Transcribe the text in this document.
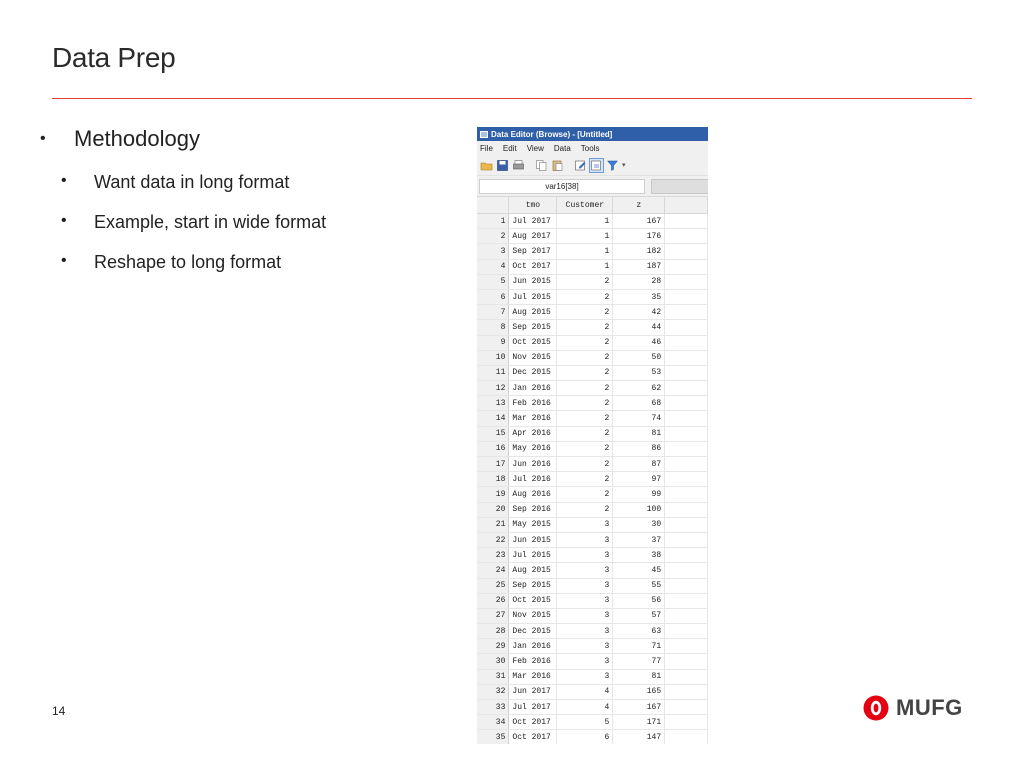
Data Prep
• Methodology
• Want data in long format
• Example, start in wide format
• Reshape to long format
Data Editor (Browse) - [Untitled]
File Edit View Data Tools
▾
var16[38]
	tmo	Customer	z	
1	Jul 2017	1	167	
2	Aug 2017	1	176	
3	Sep 2017	1	182	
4	Oct 2017	1	187	
5	Jun 2015	2	28	
6	Jul 2015	2	35	
7	Aug 2015	2	42	
8	Sep 2015	2	44	
9	Oct 2015	2	46	
10	Nov 2015	2	50	
11	Dec 2015	2	53	
12	Jan 2016	2	62	
13	Feb 2016	2	68	
14	Mar 2016	2	74	
15	Apr 2016	2	81	
16	May 2016	2	86	
17	Jun 2016	2	87	
18	Jul 2016	2	97	
19	Aug 2016	2	99	
20	Sep 2016	2	100	
21	May 2015	3	30	
22	Jun 2015	3	37	
23	Jul 2015	3	38	
24	Aug 2015	3	45	
25	Sep 2015	3	55	
26	Oct 2015	3	56	
27	Nov 2015	3	57	
28	Dec 2015	3	63	
29	Jan 2016	3	71	
30	Feb 2016	3	77	
31	Mar 2016	3	81	
32	Jun 2017	4	165	
33	Jul 2017	4	167	
34	Oct 2017	5	171	
35	Oct 2017	6	147	
14	MUFG
